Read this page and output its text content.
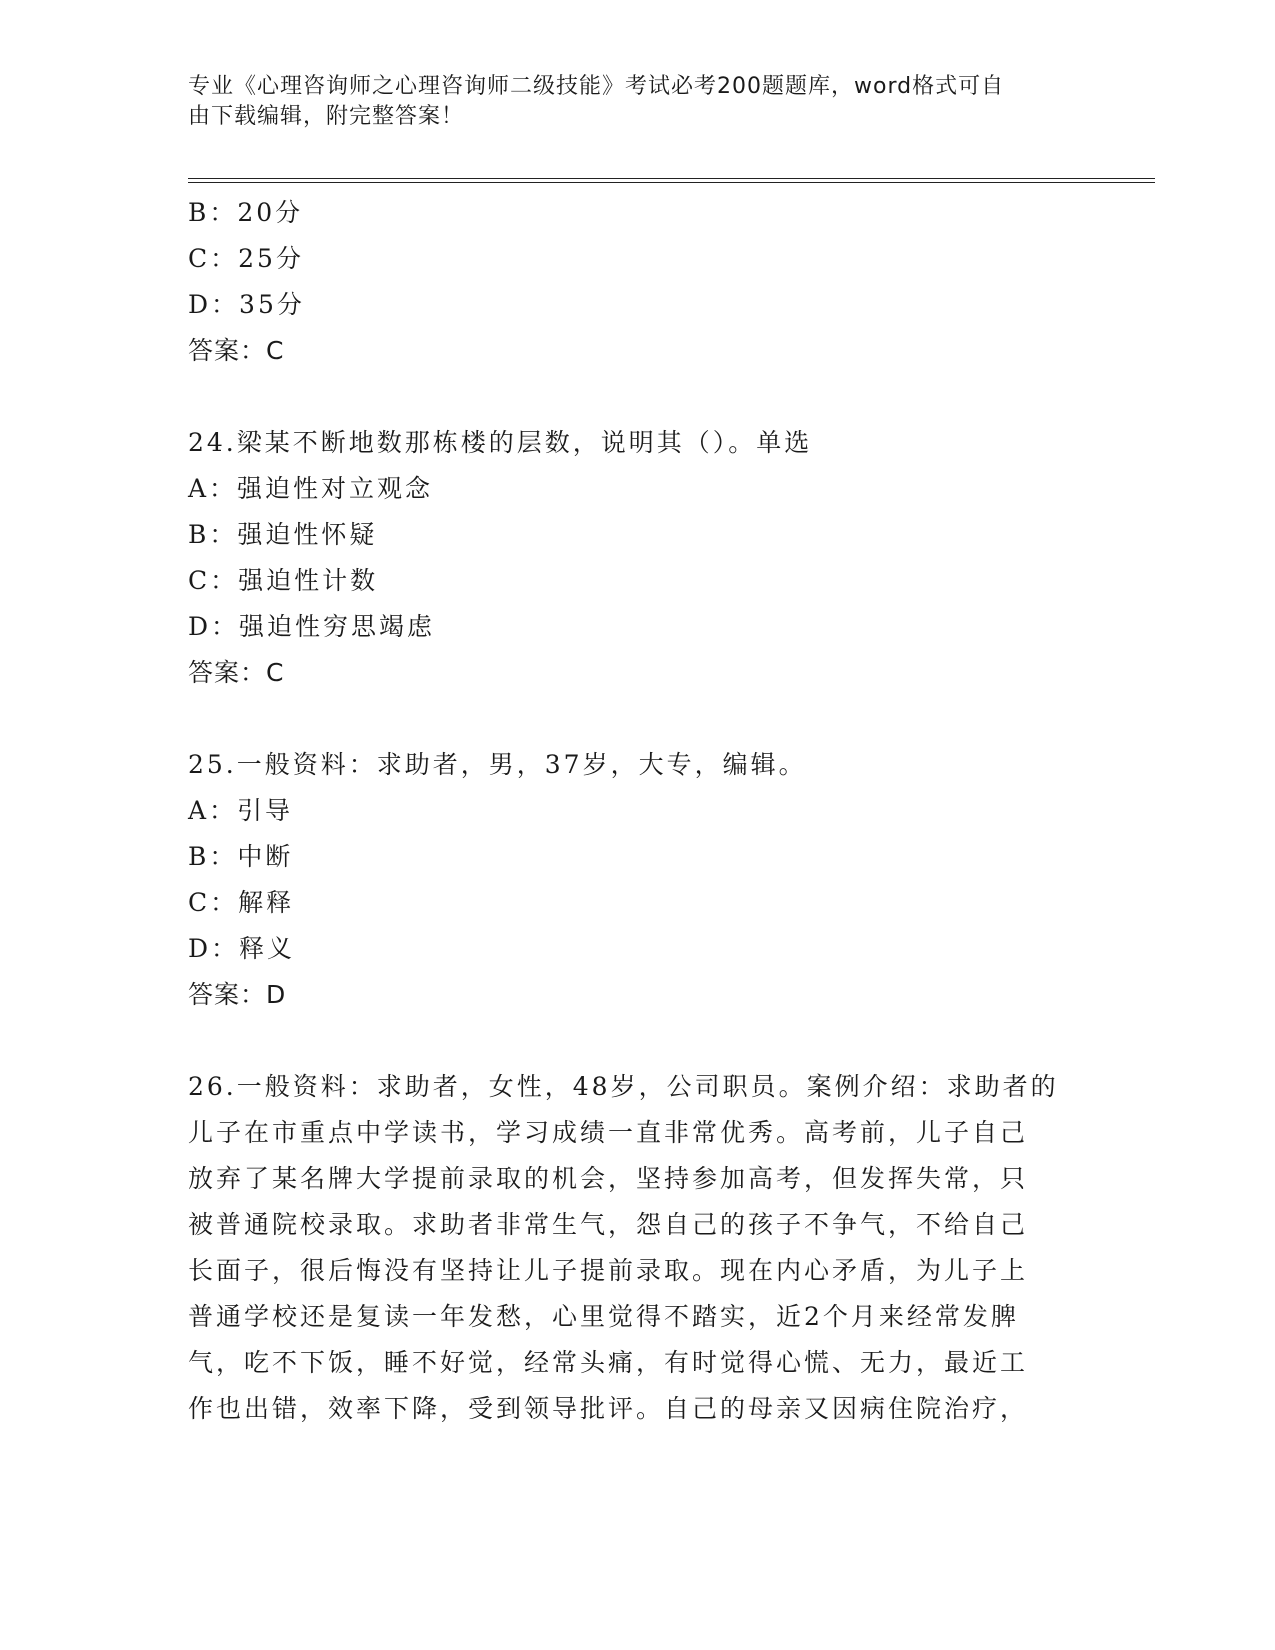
专业《心理咨询师之心理咨询师二级技能》考试必考200题题库，word格式可自
由下载编辑，附完整答案！
B：20分
C：25分
D：35分
答案：C
24.梁某不断地数那栋楼的层数，说明其（）。单选
A：强迫性对立观念
B：强迫性怀疑
C：强迫性计数
D：强迫性穷思竭虑
答案：C
25.一般资料：求助者，男，37岁，大专，编辑。
A：引导
B：中断
C：解释
D：释义
答案：D
26.一般资料：求助者，女性，48岁，公司职员。案例介绍：求助者的
儿子在市重点中学读书，学习成绩一直非常优秀。高考前，儿子自己
放弃了某名牌大学提前录取的机会，坚持参加高考，但发挥失常，只
被普通院校录取。求助者非常生气，怨自己的孩子不争气，不给自己
长面子，很后悔没有坚持让儿子提前录取。现在内心矛盾，为儿子上
普通学校还是复读一年发愁，心里觉得不踏实，近2个月来经常发脾
气，吃不下饭，睡不好觉，经常头痛，有时觉得心慌、无力，最近工
作也出错，效率下降，受到领导批评。自己的母亲又因病住院治疗，
